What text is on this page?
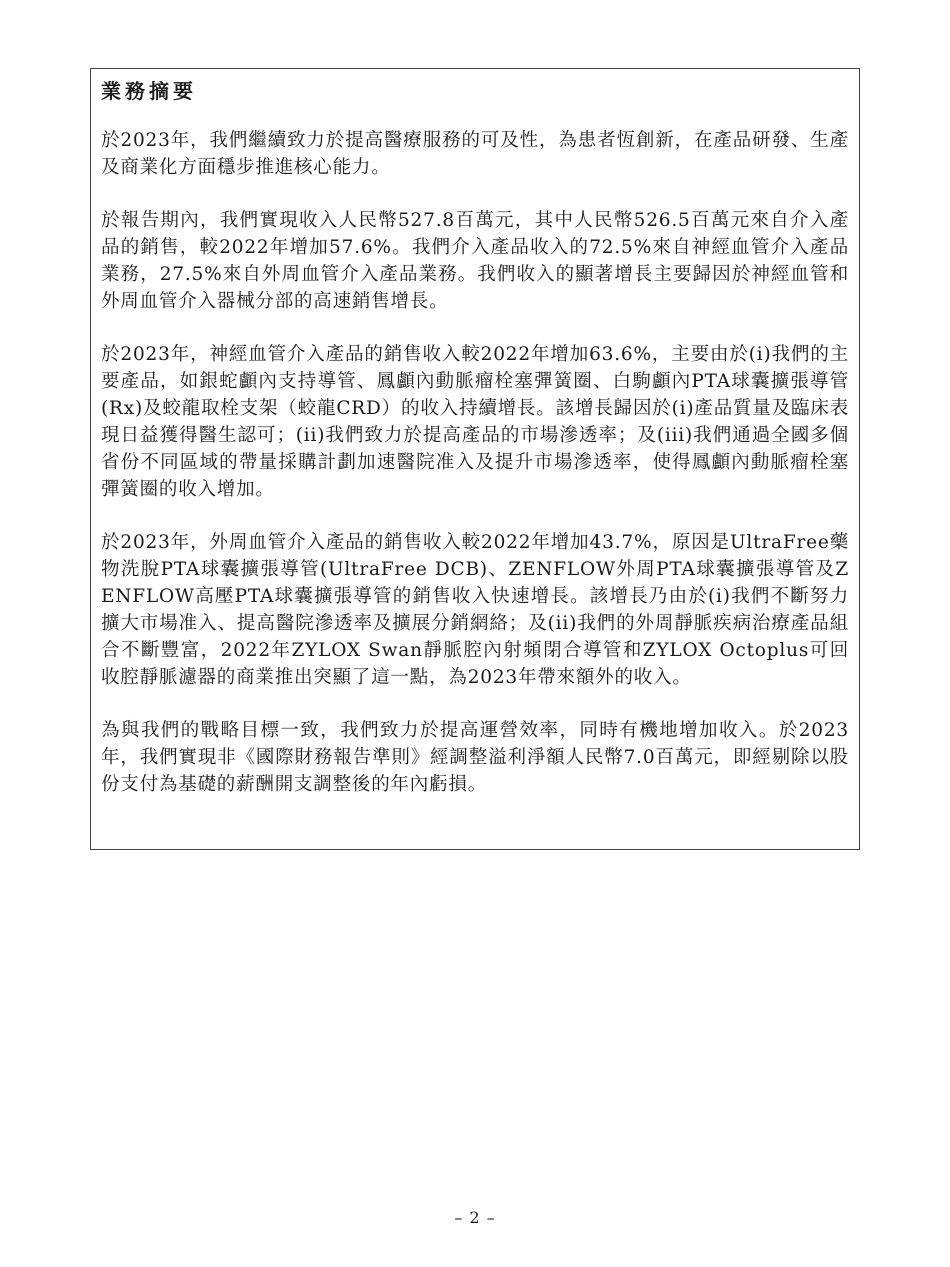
業務摘要

於2023年，我們繼續致力於提高醫療服務的可及性，為患者恆創新，在產品研發、生產及商業化方面穩步推進核心能力。

於報告期內，我們實現收入人民幣527.8百萬元，其中人民幣526.5百萬元來自介入產品的銷售，較2022年增加57.6%。我們介入產品收入的72.5%來自神經血管介入產品業務，27.5%來自外周血管介入產品業務。我們收入的顯著增長主要歸因於神經血管和外周血管介入器械分部的高速銷售增長。

於2023年，神經血管介入產品的銷售收入較2022年增加63.6%，主要由於(i)我們的主要產品，如銀蛇顱內支持導管、鳳顱內動脈瘤栓塞彈簧圈、白駒顱內PTA球囊擴張導管(Rx)及蛟龍取栓支架（蛟龍CRD）的收入持續增長。該增長歸因於(i)產品質量及臨床表現日益獲得醫生認可；(ii)我們致力於提高產品的市場滲透率；及(iii)我們通過全國多個省份不同區域的帶量採購計劃加速醫院准入及提升市場滲透率，使得鳳顱內動脈瘤栓塞彈簧圈的收入增加。

於2023年，外周血管介入產品的銷售收入較2022年增加43.7%，原因是UltraFree藥物洗脫PTA球囊擴張導管(UltraFree DCB)、ZENFLOW外周PTA球囊擴張導管及ZENFLOW高壓PTA球囊擴張導管的銷售收入快速增長。該增長乃由於(i)我們不斷努力擴大市場准入、提高醫院滲透率及擴展分銷網絡；及(ii)我們的外周靜脈疾病治療產品組合不斷豐富，2022年ZYLOX Swan靜脈腔內射頻閉合導管和ZYLOX Octoplus可回收腔靜脈濾器的商業推出突顯了這一點，為2023年帶來額外的收入。

為與我們的戰略目標一致，我們致力於提高運營效率，同時有機地增加收入。於2023年，我們實現非《國際財務報告準則》經調整溢利淨額人民幣7.0百萬元，即經剔除以股份支付為基礎的薪酬開支調整後的年內虧損。

– 2 –
